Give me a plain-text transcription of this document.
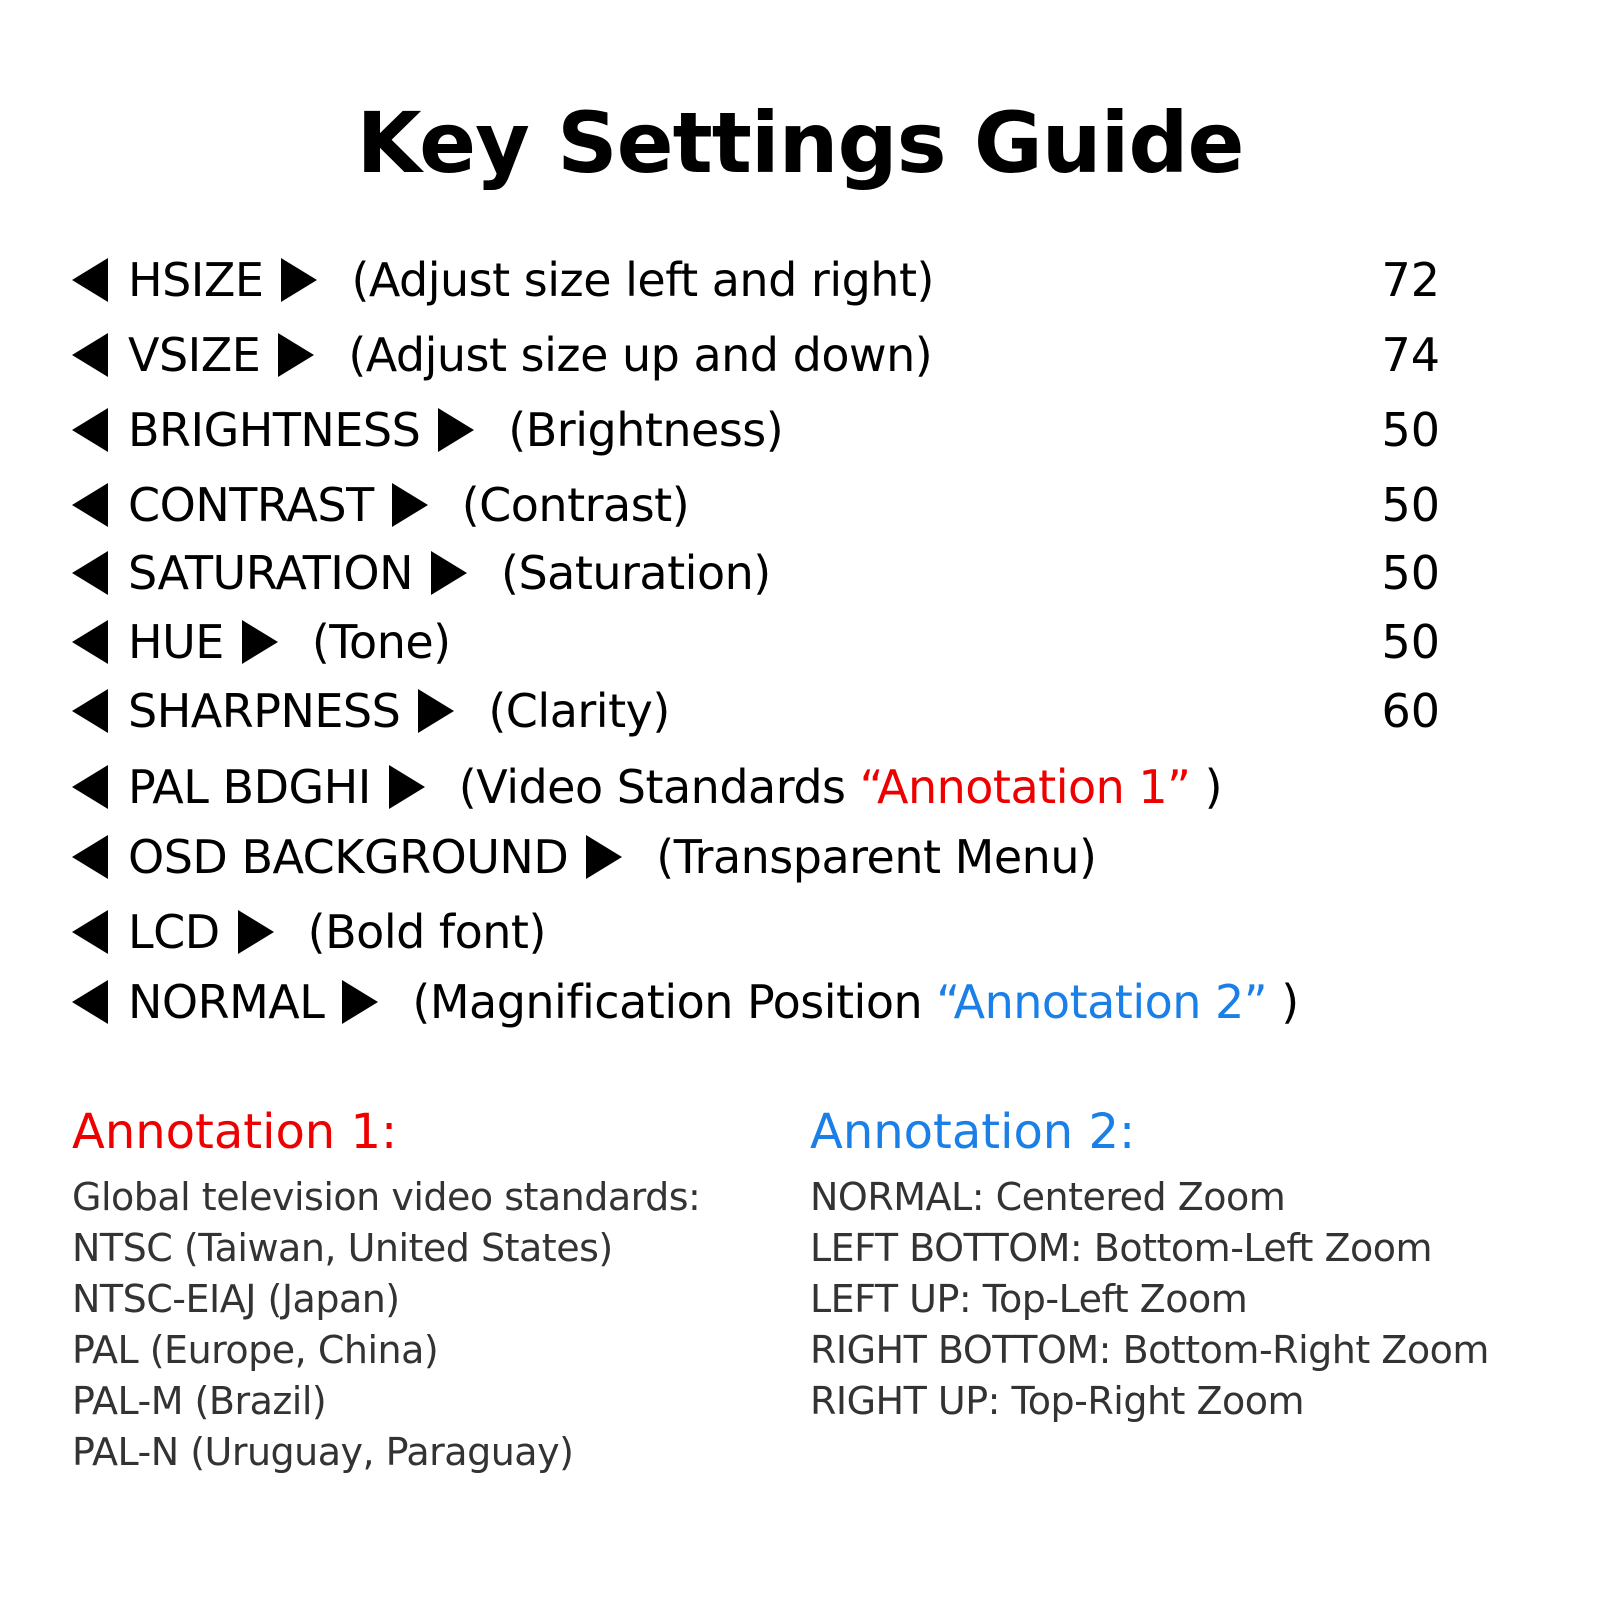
Key Settings Guide
HSIZE (Adjust size left and right)	72
VSIZE (Adjust size up and down)	74
BRIGHTNESS (Brightness)	50
CONTRAST (Contrast)	50
SATURATION (Saturation)	50
HUE (Tone)	50
SHARPNESS (Clarity)	60
PAL BDGHI (Video Standards “Annotation 1” )
OSD BACKGROUND (Transparent Menu)
LCD (Bold font)
NORMAL (Magnification Position “Annotation 2” )
Annotation 1:
Global television video standards:
NTSC (Taiwan, United States)
NTSC-EIAJ (Japan)
PAL (Europe, China)
PAL-M (Brazil)
PAL-N (Uruguay, Paraguay)
Annotation 2:
NORMAL: Centered Zoom
LEFT BOTTOM: Bottom-Left Zoom
LEFT UP: Top-Left Zoom
RIGHT BOTTOM: Bottom-Right Zoom
RIGHT UP: Top-Right Zoom
